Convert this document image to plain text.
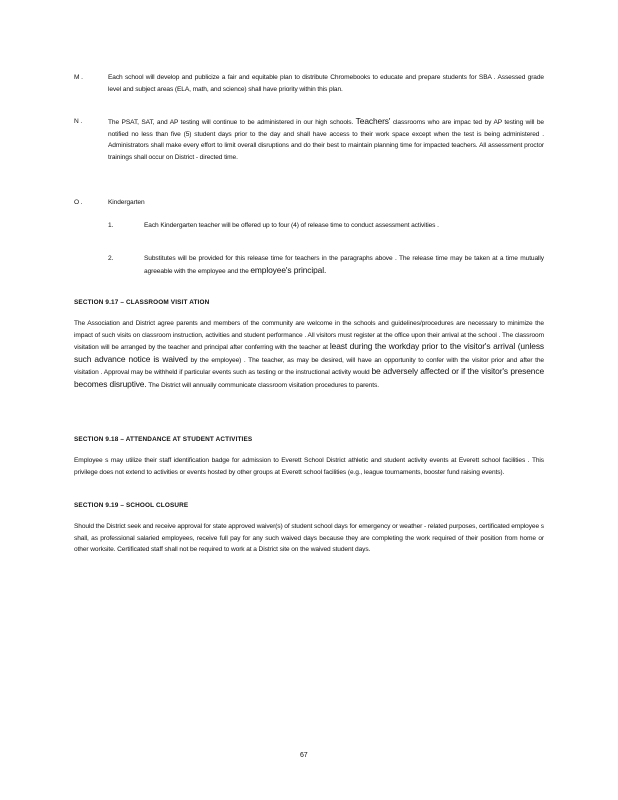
M .	Each school will develop and publicize a fair and equitable plan to distribute Chromebooks to educate and prepare students for SBA . Assessed grade level and subject areas (ELA, math, and science) shall have priority within this plan.

N .	The PSAT, SAT, and AP testing will continue to be administered in our high schools. Teachers' classrooms who are impac ted by AP testing will be notified no less than five (5) student days prior to the day and shall have access to their work space except when the test is being administered . Administrators shall make every effort to limit overall disruptions and do their best to maintain planning time for impacted teachers. All assessment proctor trainings shall occur on District - directed time.
O .	Kindergarten
1.	Each Kindergarten teacher will be offered up to four (4) of release time to conduct assessment activities .

2.	Substitutes will be provided for this release time for teachers in the paragraphs above . The release time may be taken at a time mutually agreeable with the employee and the employee's principal.
SECTION 9.17 – CLASSROOM VISIT ATION
The Association and District agree parents and members of the community are welcome in the schools and guidelines/procedures are necessary to minimize the impact of such visits on classroom instruction, activities and student performance . All visitors must register at the office upon their arrival at the school . The classroom visitation will be arranged by the teacher and principal after conferring with the teacher at least during the workday prior to the visitor's arrival (unless such advance notice is waived by the employee) . The teacher, as may be desired, will have an opportunity to confer with the visitor prior and after the visitation . Approval may be withheld if particular events such as testing or the instructional activity would be adversely affected or if the visitor's presence becomes disruptive. The District will annually communicate classroom visitation procedures to parents.
SECTION 9.18 – ATTENDANCE AT STUDENT ACTIVITIES

Employee s may utilize their staff identification badge for admission to Everett School District athletic and student activity events at Everett school facilities . This privilege does not extend to activities or events hosted by other groups at Everett school facilities (e.g., league tournaments, booster fund raising events).

SECTION 9.19 – SCHOOL CLOSURE

Should the District seek and receive approval for state approved waiver(s) of student school days for emergency or weather - related purposes, certificated employee s shall, as professional salaried employees, receive full pay for any such waived days because they are completing the work required of their position from home or other worksite. Certificated staff shall not be required to work at a District site on the waived student days.

67
